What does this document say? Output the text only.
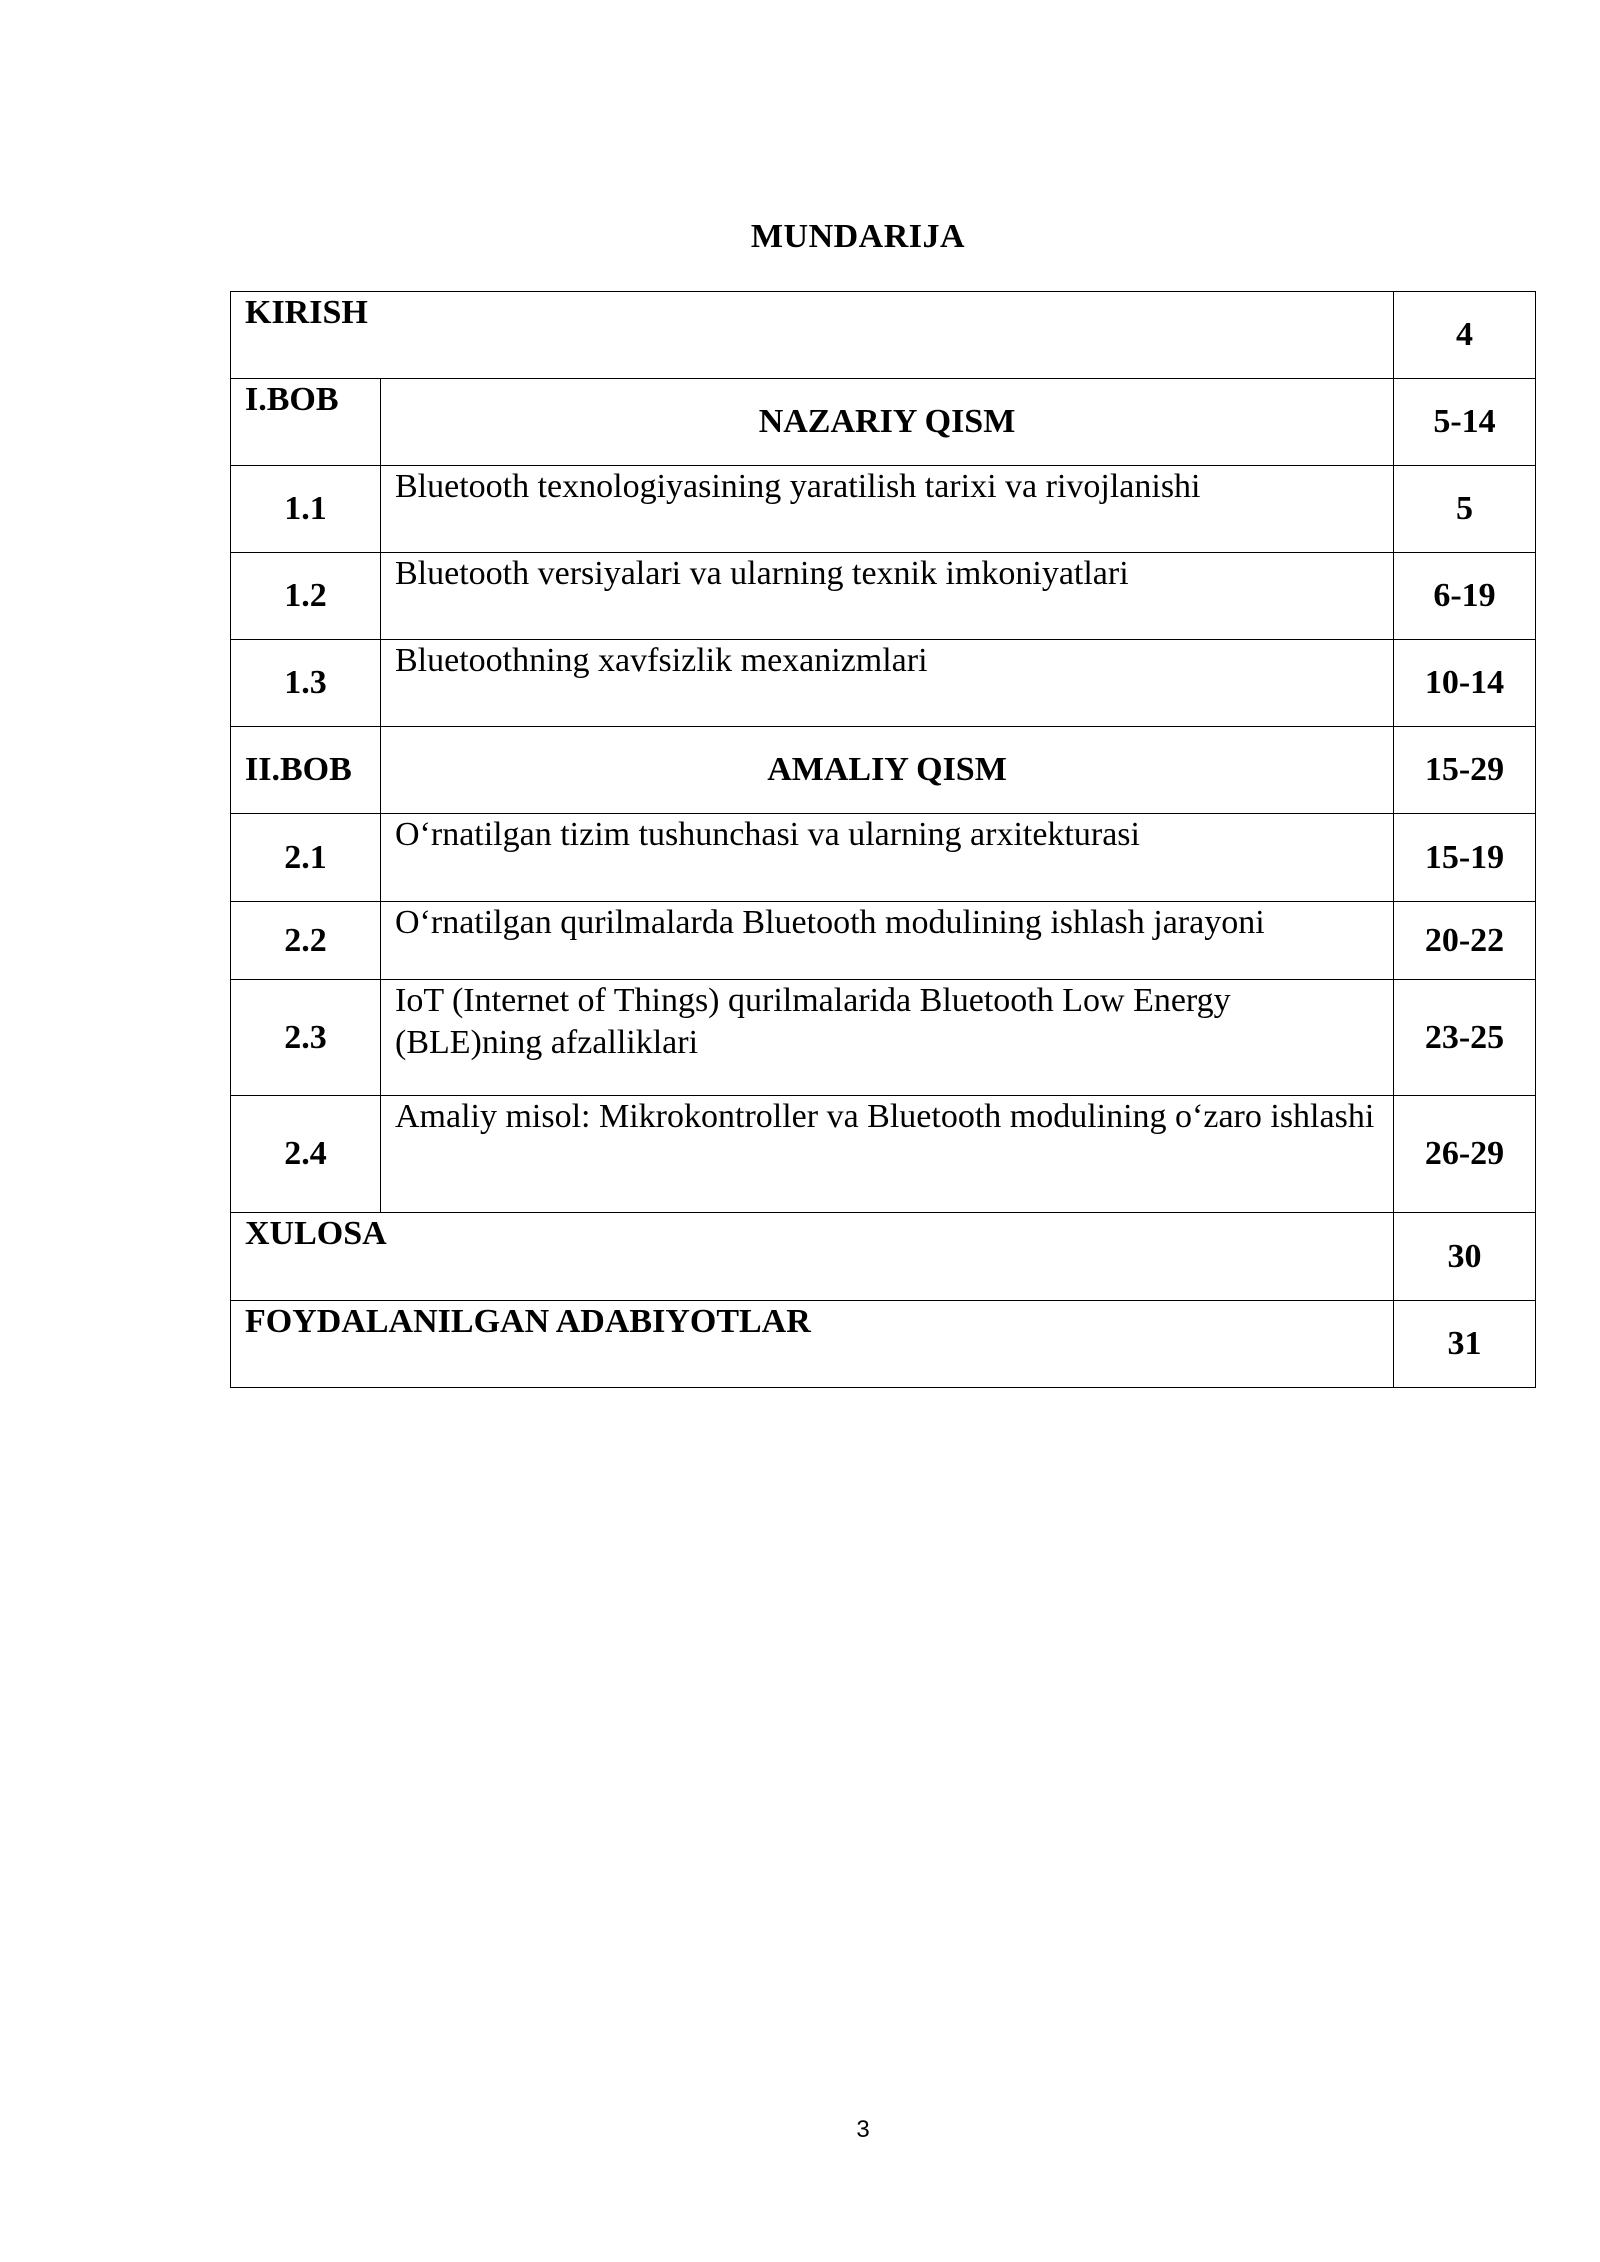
MUNDARIJA
KIRISH		4
I.BOB	NAZARIY QISM	5-14
1.1	Bluetooth texnologiyasining yaratilish tarixi va rivojlanishi	5
1.2	Bluetooth versiyalari va ularning texnik imkoniyatlari	6-19
1.3	Bluetoothning xavfsizlik mexanizmlari	10-14
II.BOB	AMALIY QISM	15-29
2.1	O‘rnatilgan tizim tushunchasi va ularning arxitekturasi	15-19
2.2	O‘rnatilgan qurilmalarda Bluetooth modulining ishlash jarayoni	20-22
2.3	IoT (Internet of Things) qurilmalarida Bluetooth Low Energy (BLE)ning afzalliklari	23-25
2.4	Amaliy misol: Mikrokontroller va Bluetooth modulining o‘zaro ishlashi	26-29
XULOSA		30
FOYDALANILGAN ADABIYOTLAR		31
3
